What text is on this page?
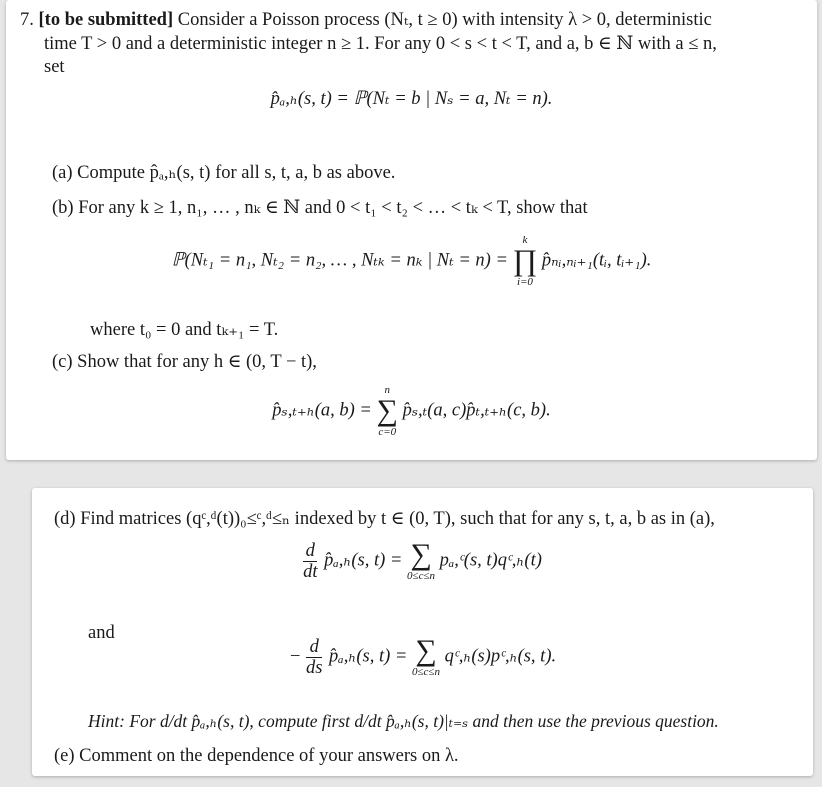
7. [to be submitted] Consider a Poisson process (Nₜ, t ≥ 0) with intensity λ > 0, deterministic
time T > 0 and a deterministic integer n ≥ 1. For any 0 < s < t < T, and a, b ∈ ℕ with a ≤ n,
set
p̂ₐ,ₕ(s, t) = ℙ(Nₜ = b | Nₛ = a, Nₜ = n).
(a) Compute p̂ₐ,ₕ(s, t) for all s, t, a, b as above.
(b) For any k ≥ 1, n₁, … , nₖ ∈ ℕ and 0 < t₁ < t₂ < … < tₖ < T, show that
ℙ(Nₜ₁ = n₁, Nₜ₂ = n₂, … , Nₜₖ = nₖ | Nₜ = n) =
k
∏
i=0
p̂ₙᵢ,ₙᵢ₊₁(tᵢ, tᵢ₊₁).
where t₀ = 0 and tₖ₊₁ = T.
(c) Show that for any h ∈ (0, T − t),
p̂ₛ,ₜ₊ₕ(a, b) =
n
∑
c=0
p̂ₛ,ₜ(a, c)p̂ₜ,ₜ₊ₕ(c, b).
(d) Find matrices (qᶜ,ᵈ(t))₀≤ᶜ,ᵈ≤ₙ indexed by t ∈ (0, T), such that for any s, t, a, b as in (a),
$\frac{d}{dt}$ p̂ₐ,ₕ(s, t) = ∑
0≤c≤n
pₐ,ᶜ(s, t)qᶜ,ₕ(t)
and
− $\frac{d}{ds}$ p̂ₐ,ₕ(s, t) = ∑
0≤c≤n
qᶜ,ₕ(s)pᶜ,ₕ(s, t).
Hint: For d/dt p̂ₐ,ₕ(s, t), compute first d/dt p̂ₐ,ₕ(s, t)|ₜ₌ₛ and then use the previous question.
(e) Comment on the dependence of your answers on λ.
